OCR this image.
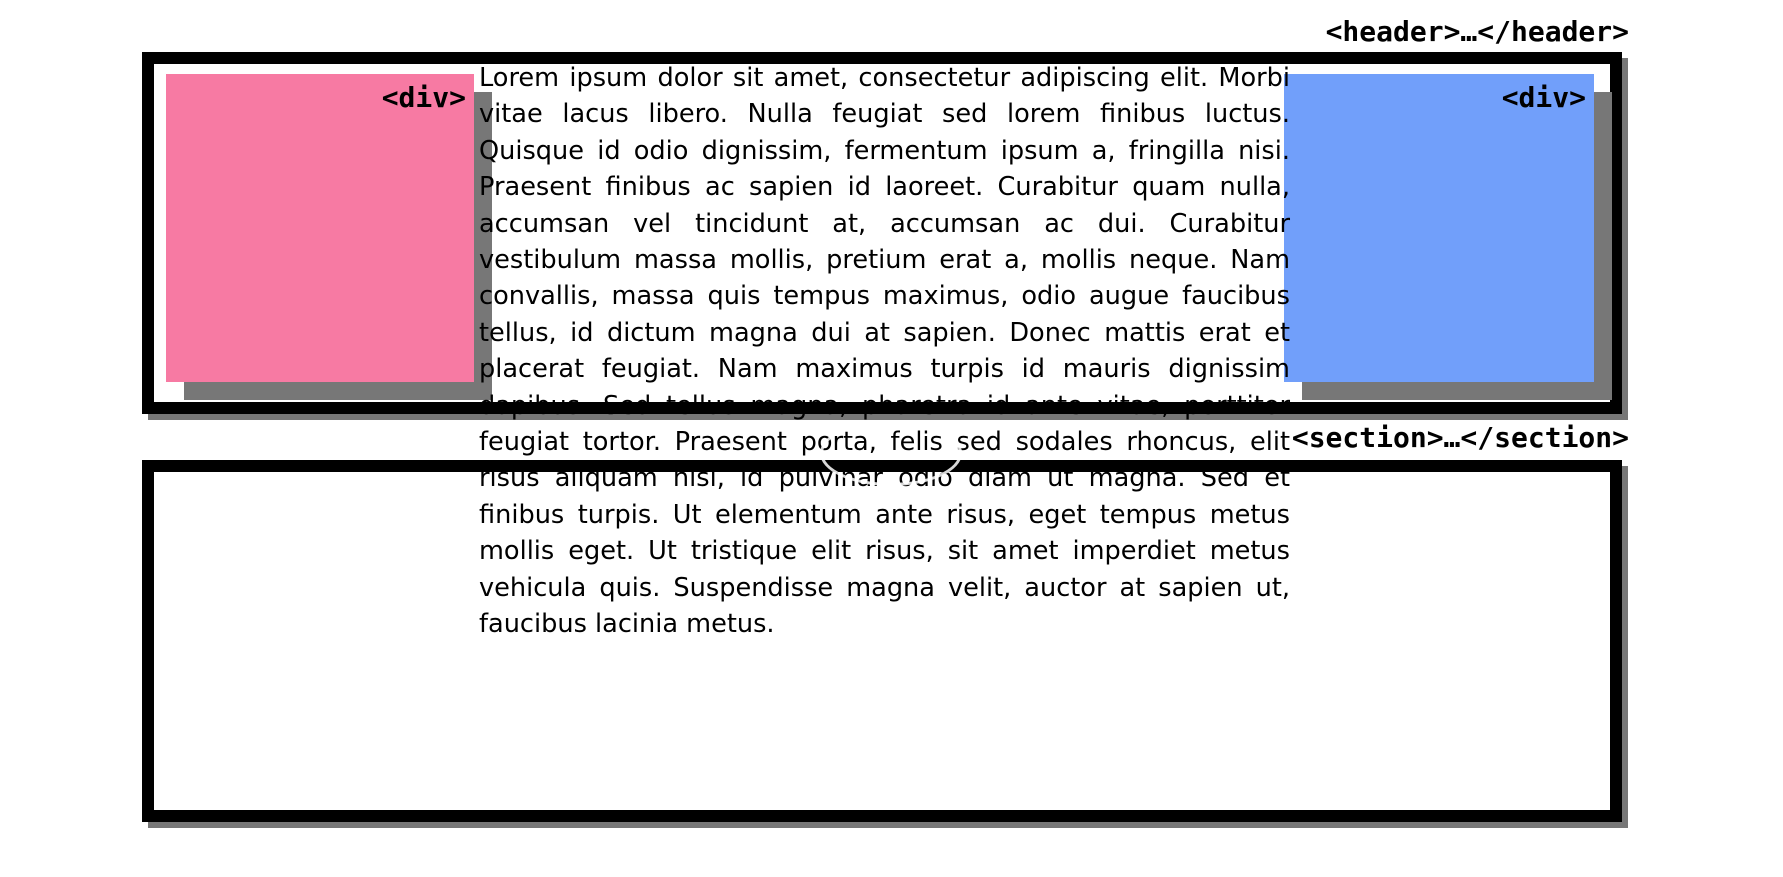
<header>…</header>
<div>	<div>

Lorem ipsum dolor sit amet, consectetur adipiscing elit. Morbi vitae lacus libero. Nulla feugiat sed lorem finibus luctus. Quisque id odio dignissim, fermentum ipsum a, fringilla nisi. Praesent finibus ac sapien id laoreet. Curabitur quam nulla, accumsan vel tincidunt at, accumsan ac dui. Curabitur vestibulum massa mollis, pretium erat a, mollis neque. Nam convallis, massa quis tempus maximus, odio augue faucibus tellus, id dictum magna dui at sapien. Donec mattis erat et placerat feugiat. Nam maximus turpis id mauris dignissim dapibus. Sed tellus magna, pharetra id ante vitae, porttitor feugiat tortor. Praesent porta, felis sed sodales rhoncus, elit risus aliquam nisi, id pulvinar odio diam ut magna. Sed et finibus turpis. Ut elementum ante risus, eget tempus metus mollis eget. Ut tristique elit risus, sit amet imperdiet metus vehicula quis. Suspendisse magna velit, auctor at sapien ut, faucibus lacinia metus.

<section>…</section>
